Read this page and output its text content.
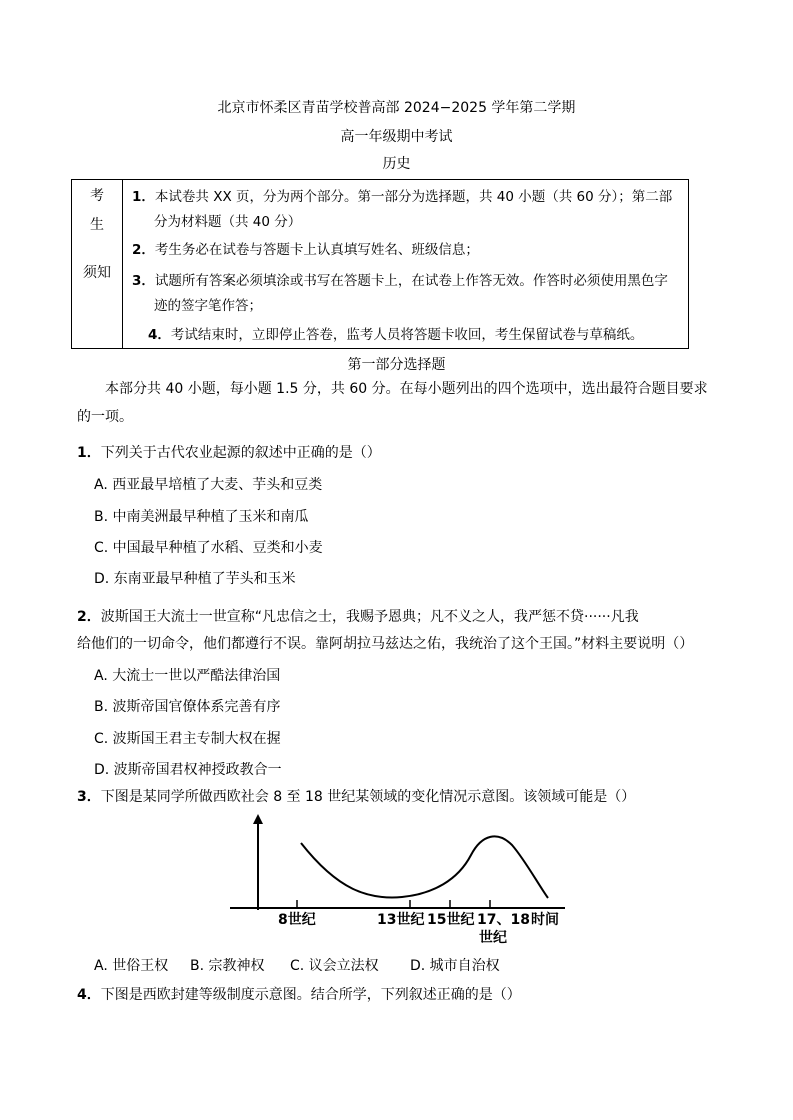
北京市怀柔区青苗学校普高部 2024−2025 学年第二学期
高一年级期中考试
历史
考
生
须知
1．本试卷共 XX 页，分为两个部分。第一部分为选择题，共 40 小题（共 60 分）；第二部
分为材料题（共 40 分）
2．考生务必在试卷与答题卡上认真填写姓名、班级信息；
3．试题所有答案必须填涂或书写在答题卡上，在试卷上作答无效。作答时必须使用黑色字
迹的签字笔作答；
4．考试结束时，立即停止答卷，监考人员将答题卡收回，考生保留试卷与草稿纸。
第一部分选择题
本部分共 40 小题，每小题 1.5 分，共 60 分。在每小题列出的四个选项中，选出最符合题目要求
的一项。
1．下列关于古代农业起源的叙述中正确的是（）
A. 西亚最早培植了大麦、芋头和豆类
B. 中南美洲最早种植了玉米和南瓜
C. 中国最早种植了水稻、豆类和小麦
D. 东南亚最早种植了芋头和玉米
2．波斯国王大流士一世宣称“凡忠信之士，我赐予恩典；凡不义之人，我严惩不贷······凡我
给他们的一切命令，他们都遵行不误。靠阿胡拉马兹达之佑，我统治了这个王国。”材料主要说明（）
A. 大流士一世以严酷法律治国
B. 波斯帝国官僚体系完善有序
C. 波斯国王君主专制大权在握
D. 波斯帝国君权神授政教合一
3．下图是某同学所做西欧社会 8 至 18 世纪某领域的变化情况示意图。该领域可能是（）
8世纪	13世纪 15世纪 17、18
世纪
时间
A. 世俗王权 B. 宗教神权 C. 议会立法权 D. 城市自治权
4．下图是西欧封建等级制度示意图。结合所学，下列叙述正确的是（）
